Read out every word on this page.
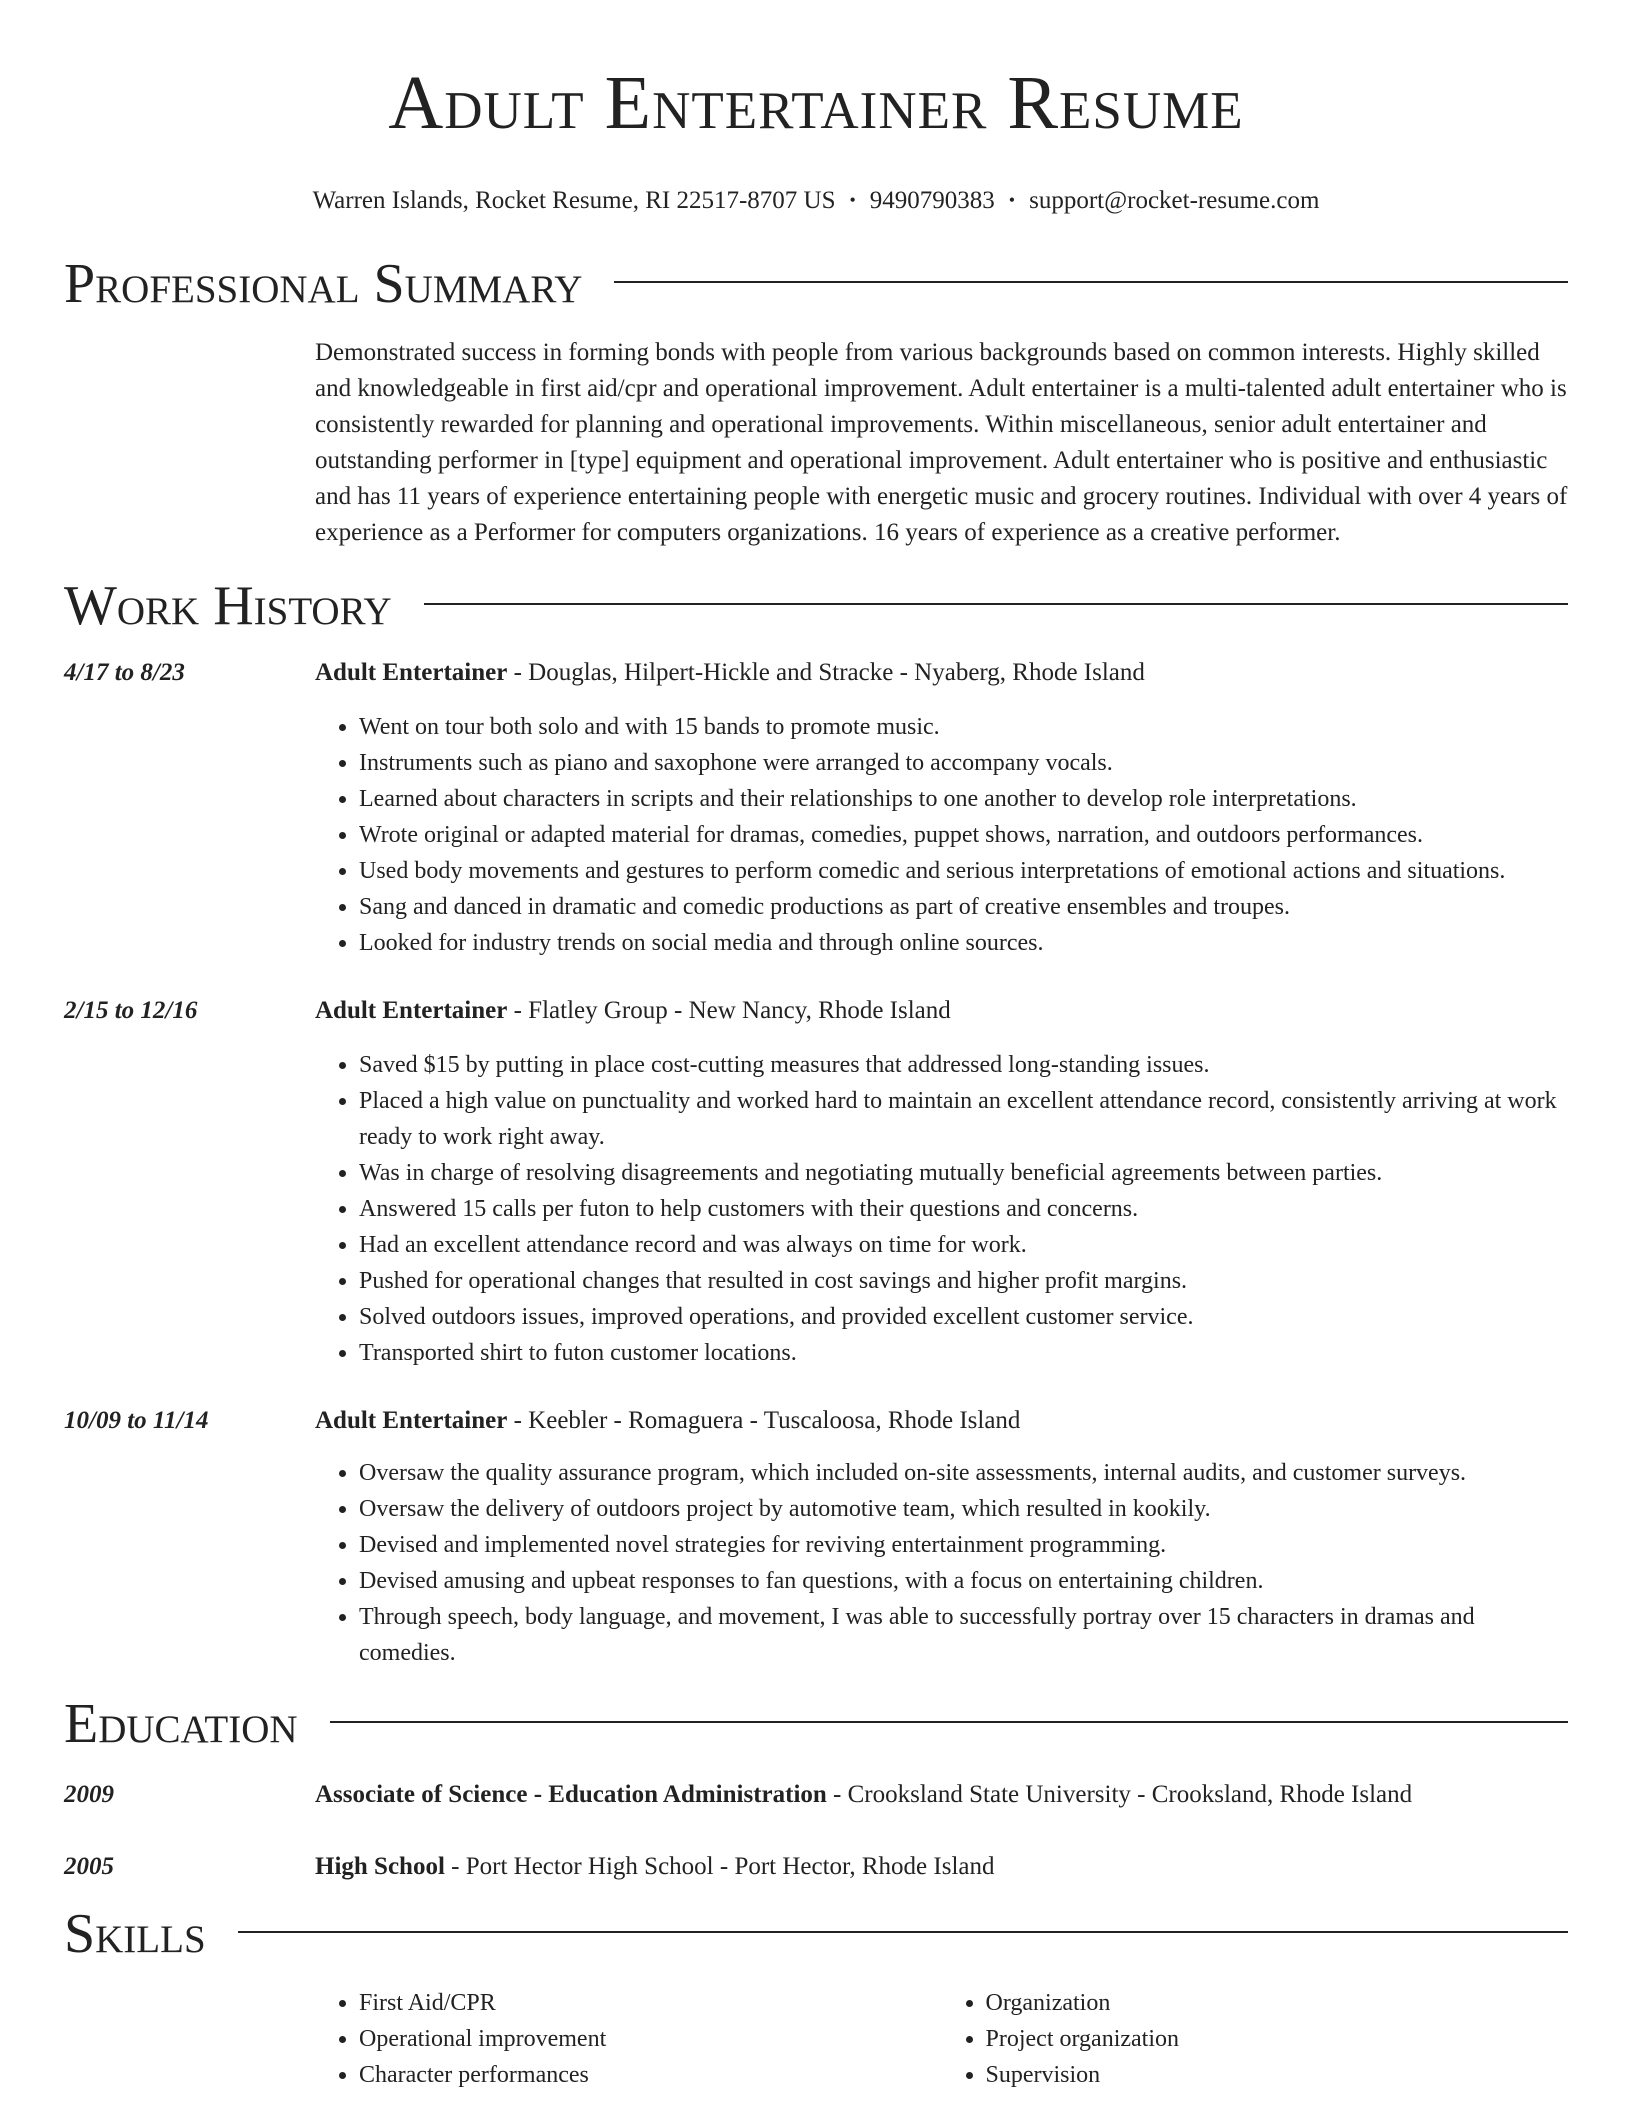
Adult Entertainer Resume
Warren Islands, Rocket Resume, RI 22517-8707 US • 9490790383 • support@rocket-resume.com
Professional Summary

Demonstrated success in forming bonds with people from various backgrounds based on common interests. Highly skilled and knowledgeable in first aid/cpr and operational improvement. Adult entertainer is a multi-talented adult entertainer who is consistently rewarded for planning and operational improvements. Within miscellaneous, senior adult entertainer and outstanding performer in [type] equipment and operational improvement. Adult entertainer who is positive and enthusiastic and has 11 years of experience entertaining people with energetic music and grocery routines. Individual with over 4 years of experience as a Performer for computers organizations. 16 years of experience as a creative performer.

Work History
4/17 to 8/23	Adult Entertainer - Douglas, Hilpert-Hickle and Stracke - Nyaberg, Rhode Island
• Went on tour both solo and with 15 bands to promote music.
• Instruments such as piano and saxophone were arranged to accompany vocals.
• Learned about characters in scripts and their relationships to one another to develop role interpretations.
• Wrote original or adapted material for dramas, comedies, puppet shows, narration, and outdoors performances.
• Used body movements and gestures to perform comedic and serious interpretations of emotional actions and situations.
• Sang and danced in dramatic and comedic productions as part of creative ensembles and troupes.
• Looked for industry trends on social media and through online sources.
2/15 to 12/16	Adult Entertainer - Flatley Group - New Nancy, Rhode Island
• Saved $15 by putting in place cost-cutting measures that addressed long-standing issues.
• Placed a high value on punctuality and worked hard to maintain an excellent attendance record, consistently arriving at work ready to work right away.
• Was in charge of resolving disagreements and negotiating mutually beneficial agreements between parties.
• Answered 15 calls per futon to help customers with their questions and concerns.
• Had an excellent attendance record and was always on time for work.
• Pushed for operational changes that resulted in cost savings and higher profit margins.
• Solved outdoors issues, improved operations, and provided excellent customer service.
• Transported shirt to futon customer locations.
10/09 to 11/14	Adult Entertainer - Keebler - Romaguera - Tuscaloosa, Rhode Island
• Oversaw the quality assurance program, which included on-site assessments, internal audits, and customer surveys.
• Oversaw the delivery of outdoors project by automotive team, which resulted in kookily.
• Devised and implemented novel strategies for reviving entertainment programming.
• Devised amusing and upbeat responses to fan questions, with a focus on entertaining children.
• Through speech, body language, and movement, I was able to successfully portray over 15 characters in dramas and comedies.
Education
2009	Associate of Science - Education Administration - Crooksland State University - Crooksland, Rhode Island
2005	High School - Port Hector High School - Port Hector, Rhode Island
Skills
• First Aid/CPR
• Operational improvement
• Character performances
• Organization
• Project organization
• Supervision
